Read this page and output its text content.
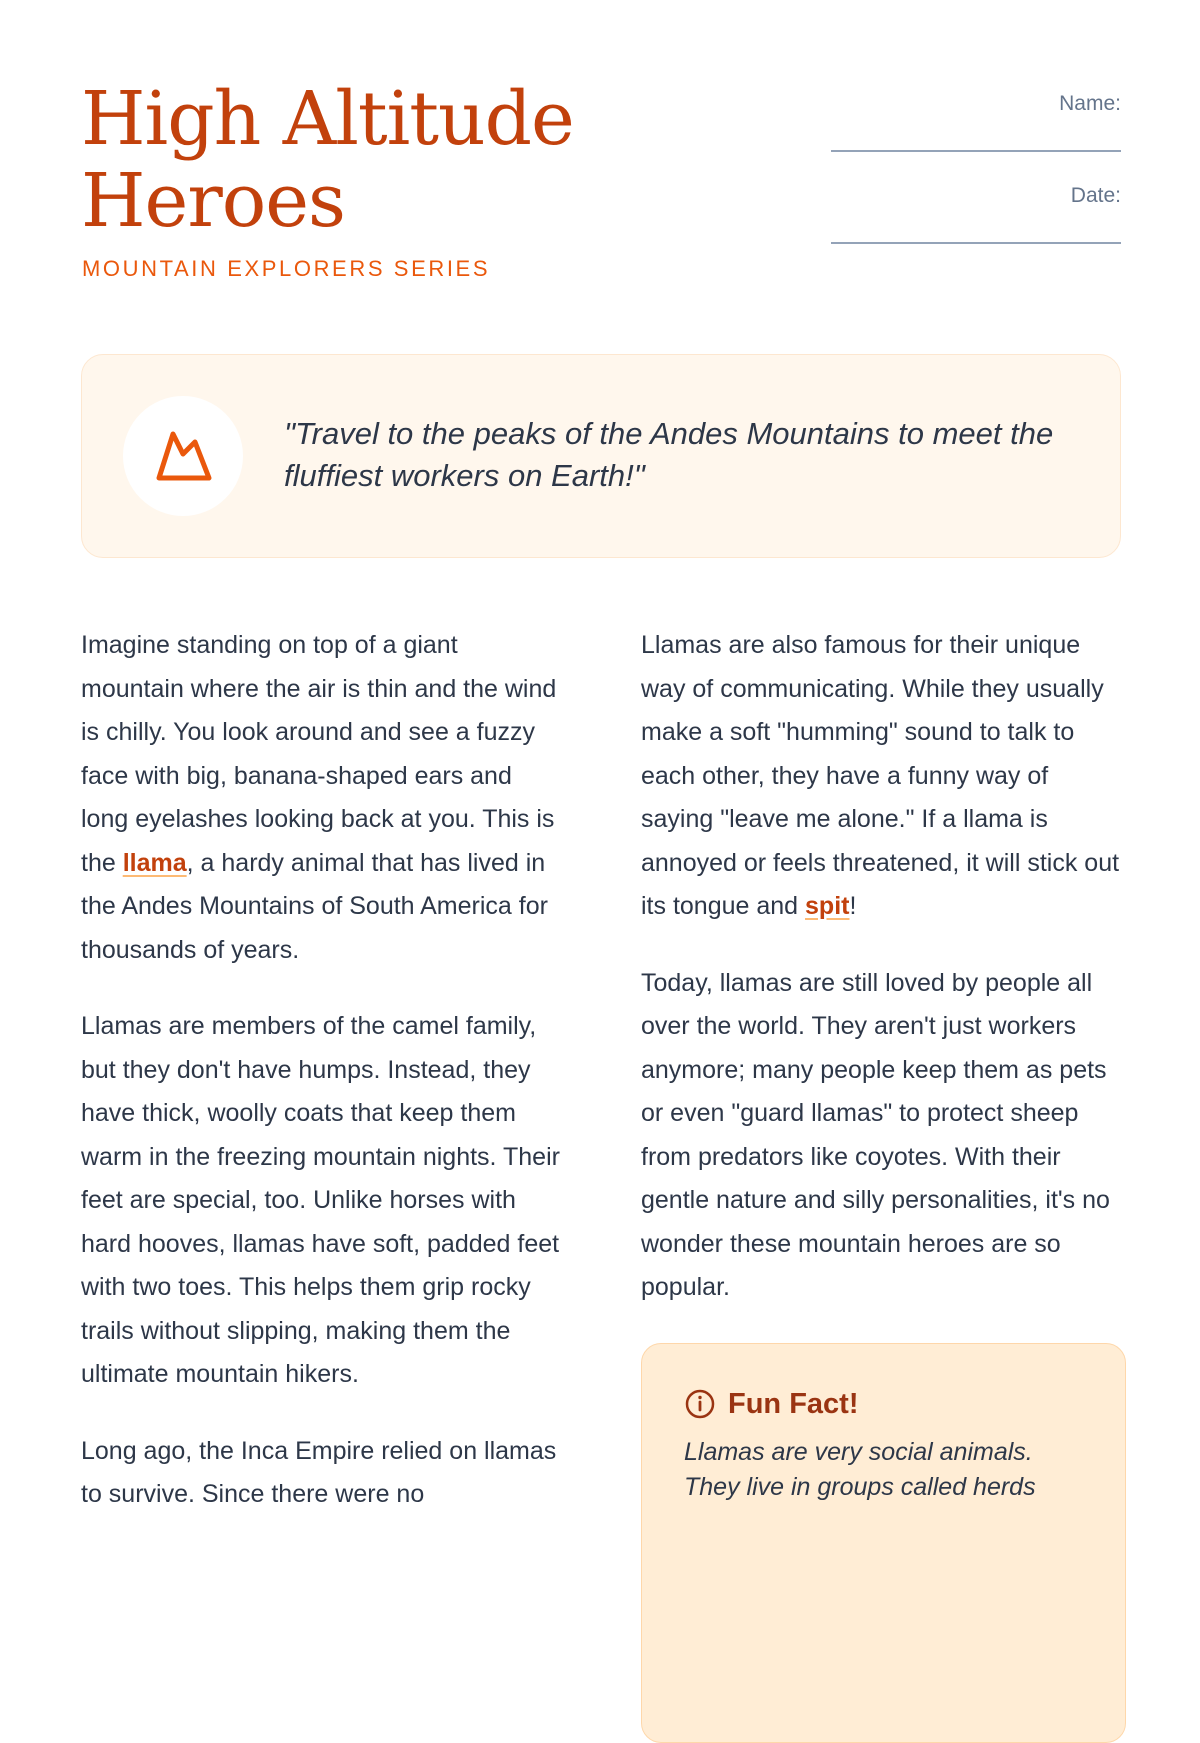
High Altitude
Heroes
MOUNTAIN EXPLORERS SERIES
Name:
Date:
"Travel to the peaks of the Andes Mountains to meet the fluffiest workers on Earth!"

Imagine standing on top of a giant mountain where the air is thin and the wind is chilly. You look around and see a fuzzy face with big, banana-shaped ears and long eyelashes looking back at you. This is the llama, a hardy animal that has lived in the Andes Mountains of South America for thousands of years.

Llamas are members of the camel family, but they don't have humps. Instead, they have thick, woolly coats that keep them warm in the freezing mountain nights. Their feet are special, too. Unlike horses with hard hooves, llamas have soft, padded feet with two toes. This helps them grip rocky trails without slipping, making them the ultimate mountain hikers.

Long ago, the Inca Empire relied on llamas to survive. Since there were no

Llamas are also famous for their unique way of communicating. While they usually make a soft "humming" sound to talk to each other, they have a funny way of saying "leave me alone." If a llama is annoyed or feels threatened, it will stick out its tongue and spit!

Today, llamas are still loved by people all over the world. They aren't just workers anymore; many people keep them as pets or even "guard llamas" to protect sheep from predators like coyotes. With their gentle nature and silly personalities, it's no wonder these mountain heroes are so popular.

Fun Fact!
Llamas are very social animals. They live in groups called herds
